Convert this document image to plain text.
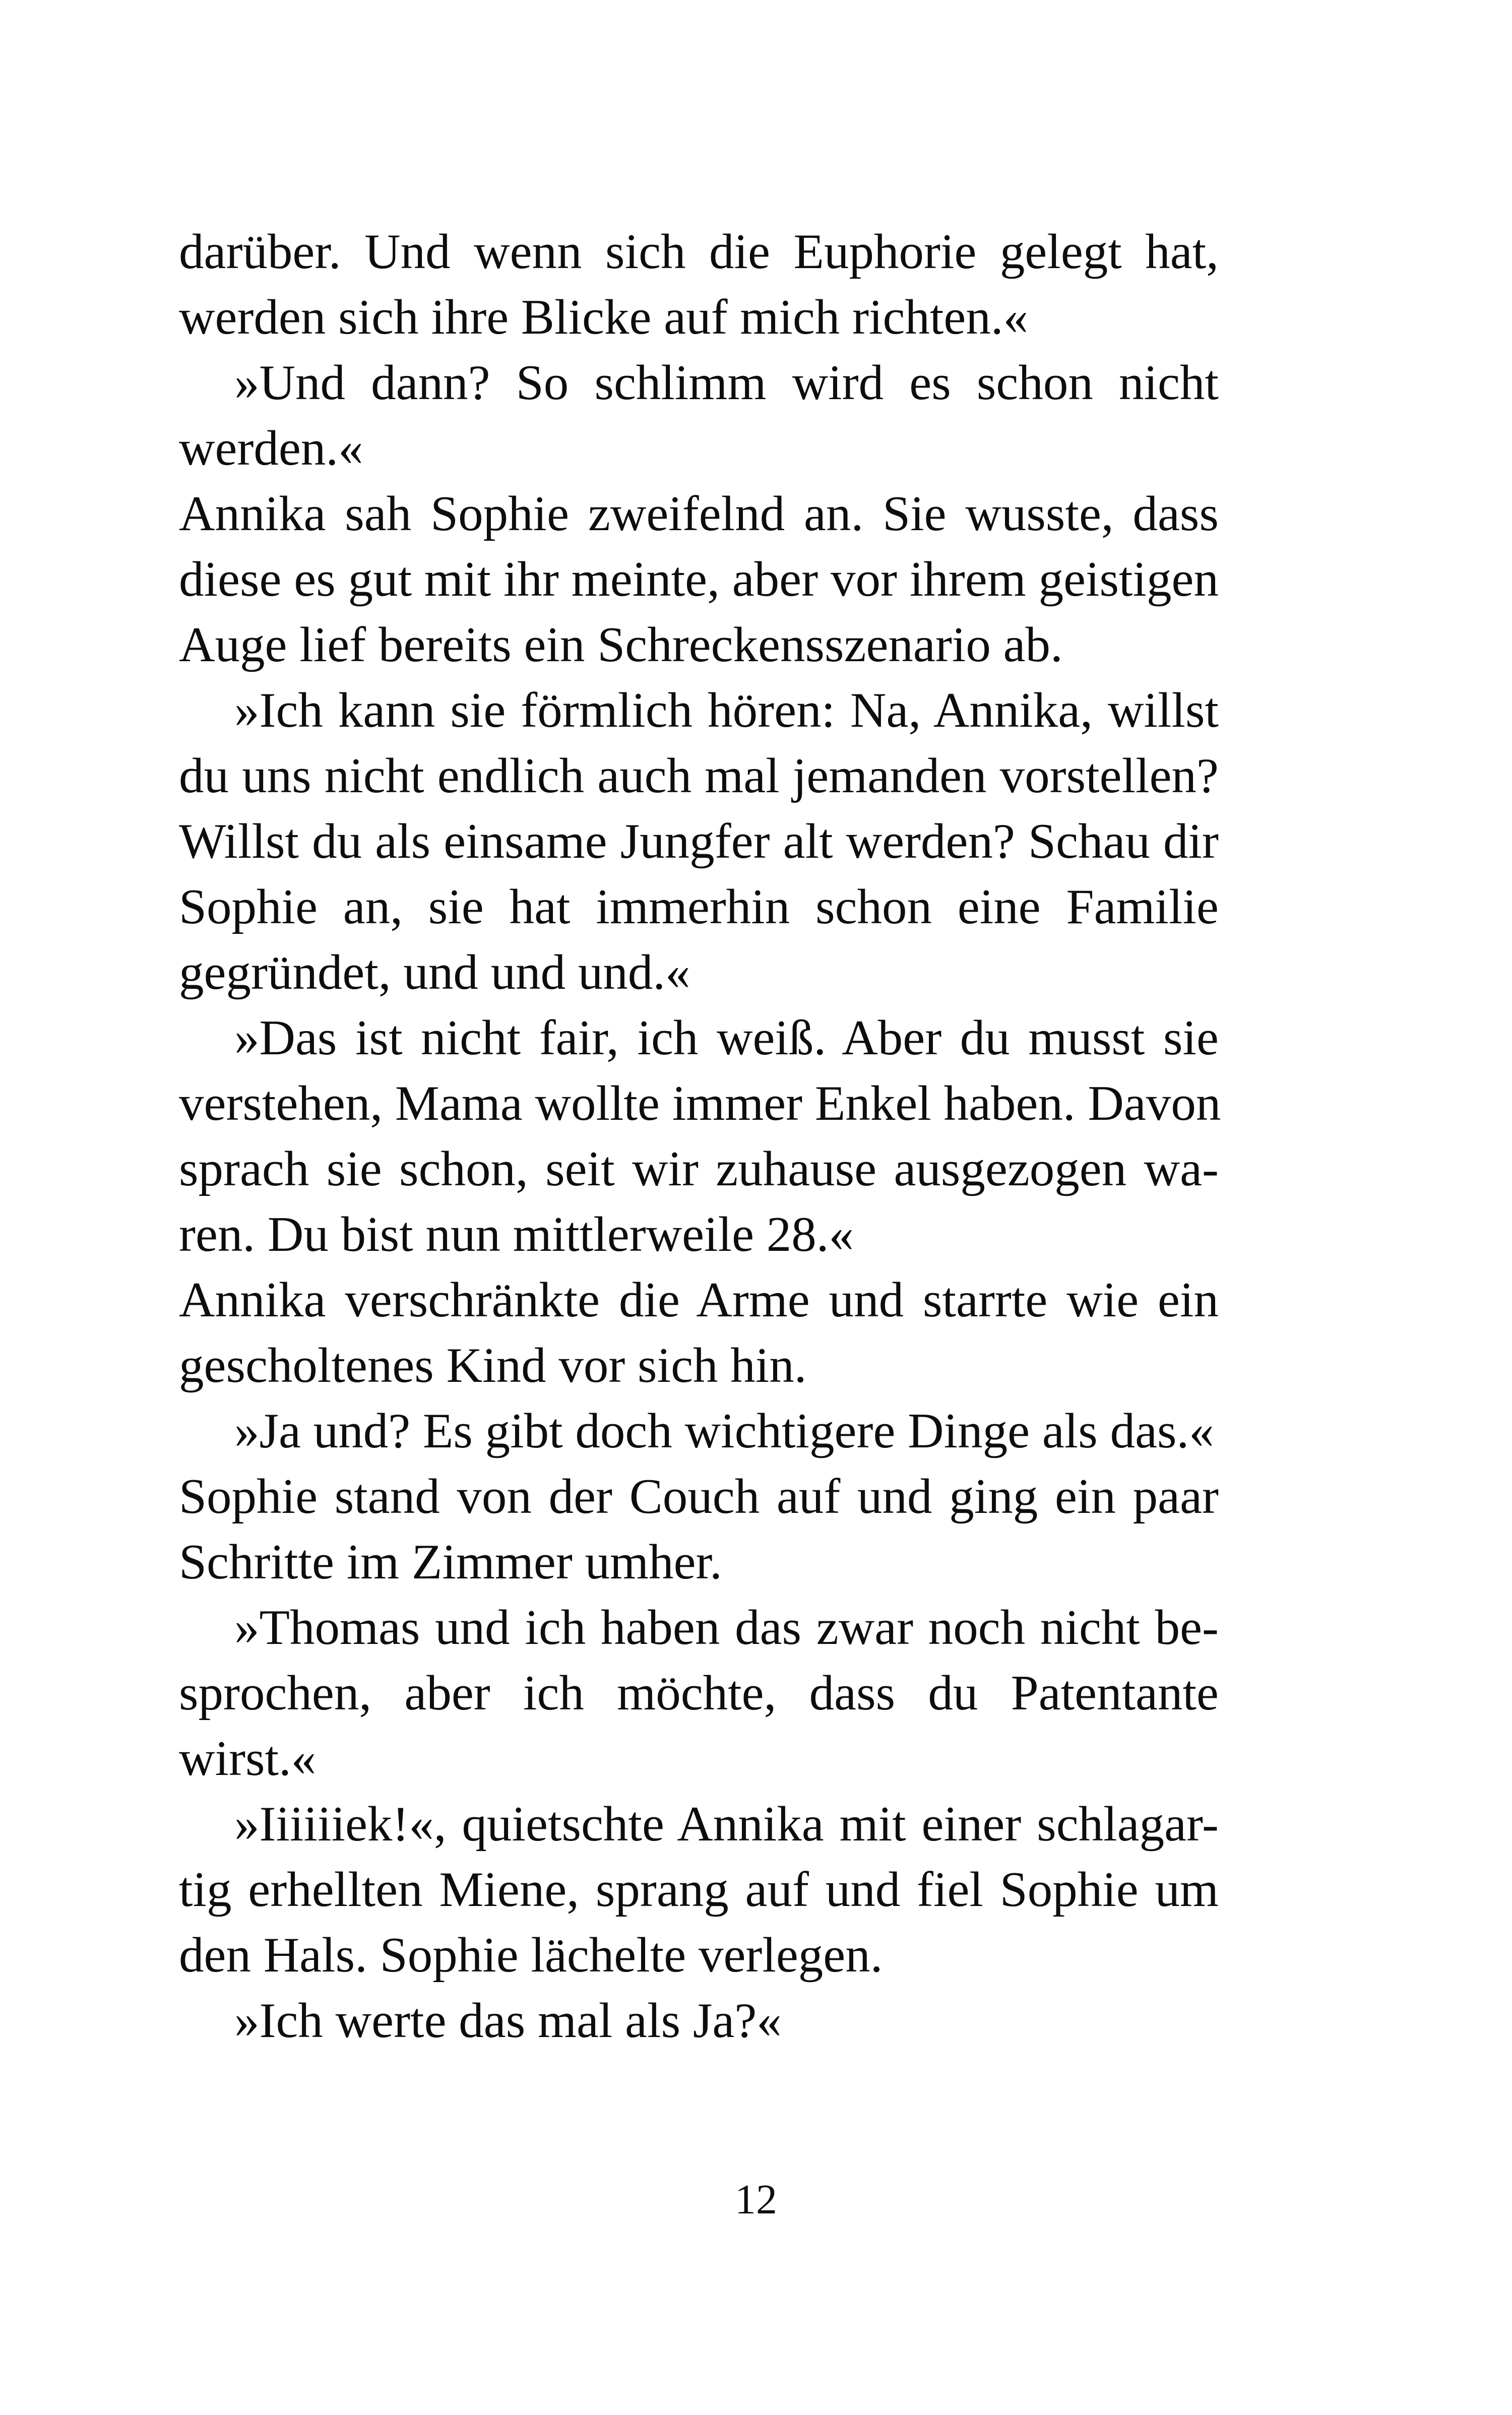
darüber. Und wenn sich die Euphorie gelegt hat,
werden sich ihre Blicke auf mich richten.«
»Und dann? So schlimm wird es schon nicht
werden.«
Annika sah Sophie zweifelnd an. Sie wusste, dass
diese es gut mit ihr meinte, aber vor ihrem geistigen
Auge lief bereits ein Schreckensszenario ab.
»Ich kann sie förmlich hören: Na, Annika, willst
du uns nicht endlich auch mal jemanden vorstellen?
Willst du als einsame Jungfer alt werden? Schau dir
Sophie an, sie hat immerhin schon eine Familie
gegründet, und und und.«
»Das ist nicht fair, ich weiß. Aber du musst sie
verstehen, Mama wollte immer Enkel haben. Davon
sprach sie schon, seit wir zuhause ausgezogen wa-
ren. Du bist nun mittlerweile 28.«
Annika verschränkte die Arme und starrte wie ein
gescholtenes Kind vor sich hin.
»Ja und? Es gibt doch wichtigere Dinge als das.«
Sophie stand von der Couch auf und ging ein paar
Schritte im Zimmer umher.
»Thomas und ich haben das zwar noch nicht be-
sprochen, aber ich möchte, dass du Patentante
wirst.«
»Iiiiiiek!«, quietschte Annika mit einer schlagar-
tig erhellten Miene, sprang auf und fiel Sophie um
den Hals. Sophie lächelte verlegen.
»Ich werte das mal als Ja?«
12
